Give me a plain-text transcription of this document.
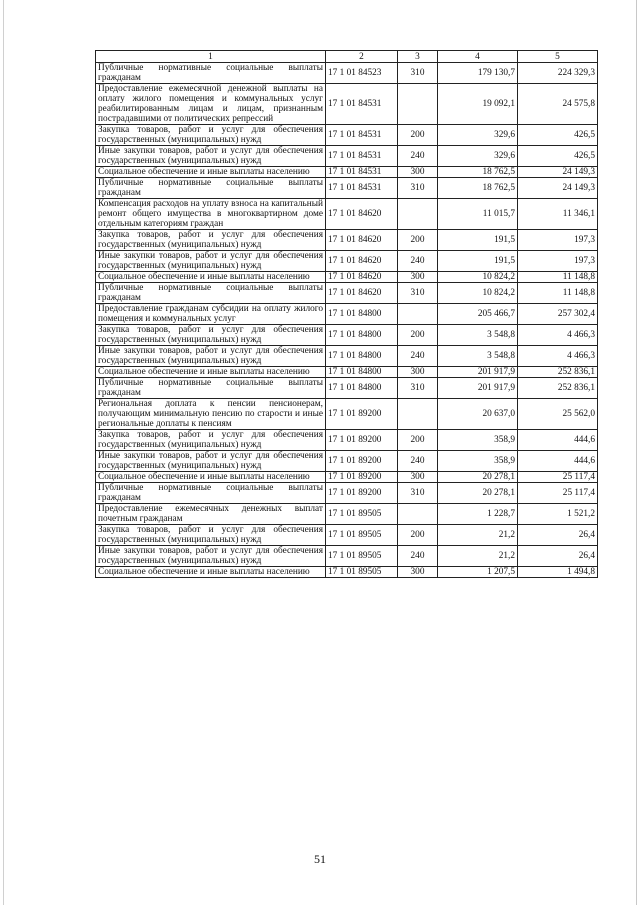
1	2	3	4	5
Публичные нормативные социальные выплаты гражданам	17 1 01 84523	310	179 130,7	224 329,3
Предоставление ежемесячной денежной выплаты на оплату жилого помещения и коммунальных услуг реабилитированным лицам и лицам, признанным пострадавшими от политических репрессий	17 1 01 84531		19 092,1	24 575,8
Закупка товаров, работ и услуг для обеспечения государственных (муниципальных) нужд	17 1 01 84531	200	329,6	426,5
Иные закупки товаров, работ и услуг для обеспечения государственных (муниципальных) нужд	17 1 01 84531	240	329,6	426,5
Социальное обеспечение и иные выплаты населению	17 1 01 84531	300	18 762,5	24 149,3
Публичные нормативные социальные выплаты гражданам	17 1 01 84531	310	18 762,5	24 149,3
Компенсация расходов на уплату взноса на капитальный ремонт общего имущества в многоквартирном доме отдельным категориям граждан	17 1 01 84620		11 015,7	11 346,1
Закупка товаров, работ и услуг для обеспечения государственных (муниципальных) нужд	17 1 01 84620	200	191,5	197,3
Иные закупки товаров, работ и услуг для обеспечения государственных (муниципальных) нужд	17 1 01 84620	240	191,5	197,3
Социальное обеспечение и иные выплаты населению	17 1 01 84620	300	10 824,2	11 148,8
Публичные нормативные социальные выплаты гражданам	17 1 01 84620	310	10 824,2	11 148,8
Предоставление гражданам субсидии на оплату жилого помещения и коммунальных услуг	17 1 01 84800		205 466,7	257 302,4
Закупка товаров, работ и услуг для обеспечения государственных (муниципальных) нужд	17 1 01 84800	200	3 548,8	4 466,3
Иные закупки товаров, работ и услуг для обеспечения государственных (муниципальных) нужд	17 1 01 84800	240	3 548,8	4 466,3
Социальное обеспечение и иные выплаты населению	17 1 01 84800	300	201 917,9	252 836,1
Публичные нормативные социальные выплаты гражданам	17 1 01 84800	310	201 917,9	252 836,1
Региональная доплата к пенсии пенсионерам, получающим минимальную пенсию по старости и иные региональные доплаты к пенсиям	17 1 01 89200		20 637,0	25 562,0
Закупка товаров, работ и услуг для обеспечения государственных (муниципальных) нужд	17 1 01 89200	200	358,9	444,6
Иные закупки товаров, работ и услуг для обеспечения государственных (муниципальных) нужд	17 1 01 89200	240	358,9	444,6
Социальное обеспечение и иные выплаты населению	17 1 01 89200	300	20 278,1	25 117,4
Публичные нормативные социальные выплаты гражданам	17 1 01 89200	310	20 278,1	25 117,4
Предоставление ежемесячных денежных выплат почетным гражданам	17 1 01 89505		1 228,7	1 521,2
Закупка товаров, работ и услуг для обеспечения государственных (муниципальных) нужд	17 1 01 89505	200	21,2	26,4
Иные закупки товаров, работ и услуг для обеспечения государственных (муниципальных) нужд	17 1 01 89505	240	21,2	26,4
Социальное обеспечение и иные выплаты населению	17 1 01 89505	300	1 207,5	1 494,8
51
